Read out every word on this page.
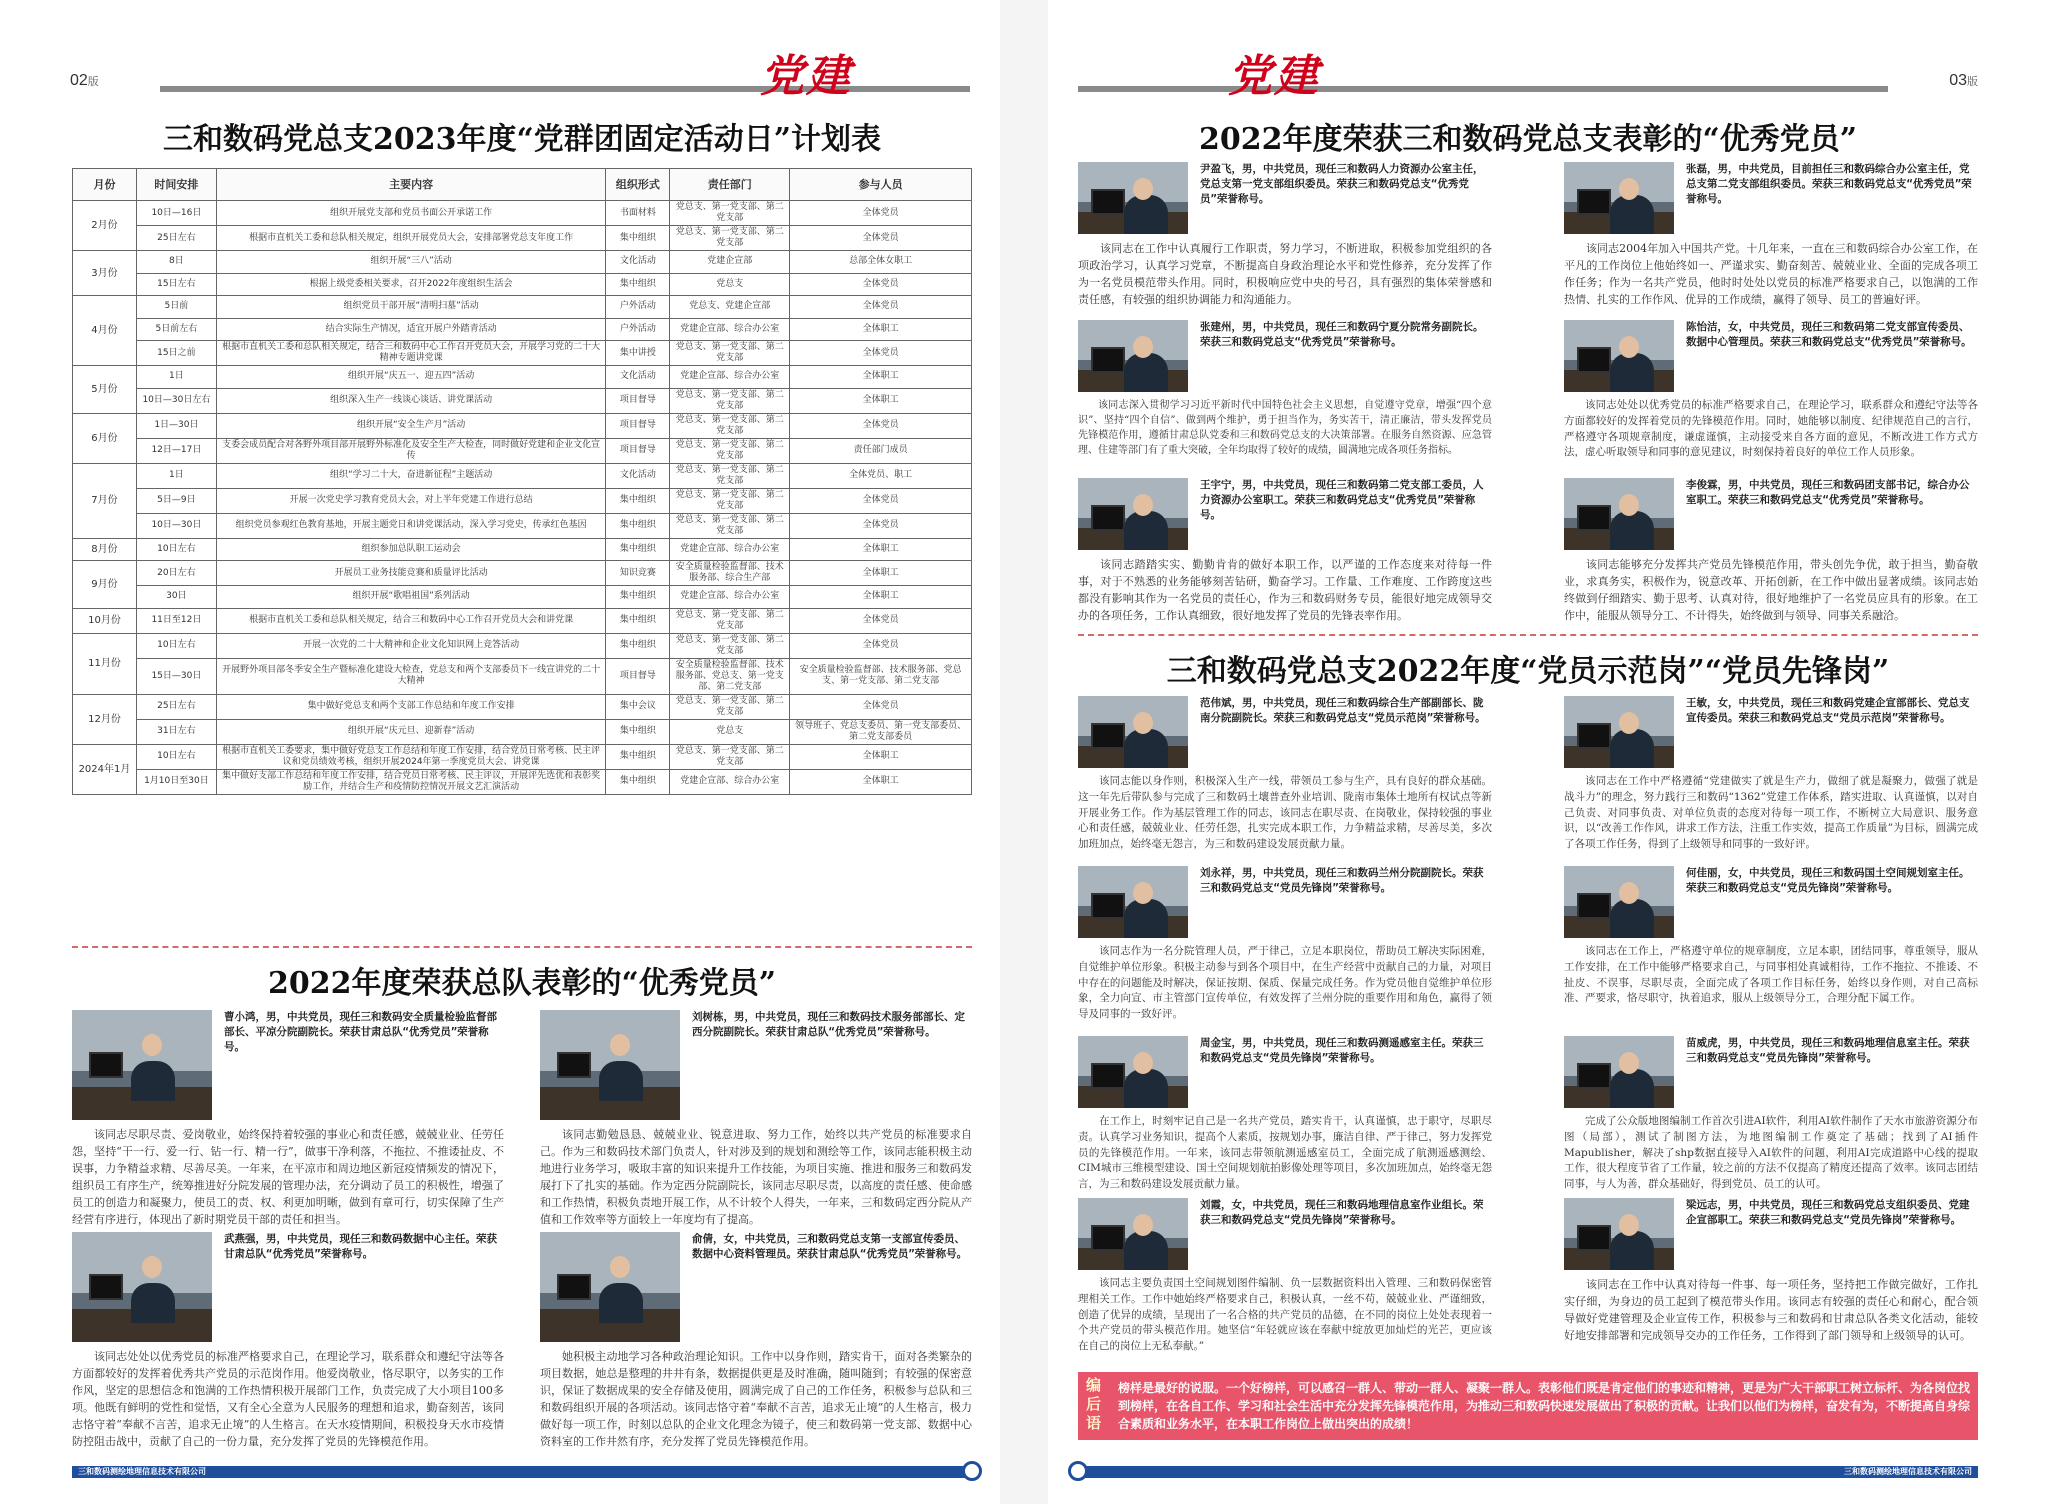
02版	党建
三和数码党总支2023年度“党群团固定活动日”计划表
月份	时间安排	主要内容	组织形式	责任部门	参与人员
2月份	10日—16日	组织开展党支部和党员书面公开承诺工作	书面材料	党总支、第一党支部、第二党支部	全体党员
	25日左右	根据市直机关工委和总队相关规定，组织开展党员大会，安排部署党总支年度工作	集中组织	党总支、第一党支部、第二党支部	全体党员
3月份	8日	组织开展“三八”活动	文化活动	党建企宣部	总部全体女职工
	15日左右	根据上级党委相关要求，召开2022年度组织生活会	集中组织	党总支	全体党员
4月份	5日前	组织党员干部开展“清明扫墓”活动	户外活动	党总支、党建企宣部	全体党员
	5日前左右	结合实际生产情况，适宜开展户外踏青活动	户外活动	党建企宣部、综合办公室	全体职工
	15日之前	根据市直机关工委和总队相关规定，结合三和数码中心工作召开党员大会，开展学习党的二十大精神专题讲党课	集中讲授	党总支、第一党支部、第二党支部	全体党员
5月份	1日	组织开展“庆五一、迎五四”活动	文化活动	党建企宣部、综合办公室	全体职工
	10日—30日左右	组织深入生产一线谈心谈话、讲党课活动	项目督导	党总支、第一党支部、第二党支部	全体职工
6月份	1日—30日	组织开展“安全生产月”活动	项目督导	党总支、第一党支部、第二党支部	全体党员
	12日—17日	支委会成员配合对各野外项目部开展野外标准化及安全生产大检查，同时做好党建和企业文化宣传	项目督导	党总支、第一党支部、第二党支部	责任部门成员
7月份	1日	组织“学习二十大，奋进新征程”主题活动	文化活动	党总支、第一党支部、第二党支部	全体党员、职工
	5日—9日	开展一次党史学习教育党员大会，对上半年党建工作进行总结	集中组织	党总支、第一党支部、第二党支部	全体党员
	10日—30日	组织党员参观红色教育基地，开展主题党日和讲党课活动，深入学习党史，传承红色基因	集中组织	党总支、第一党支部、第二党支部	全体党员
8月份	10日左右	组织参加总队职工运动会	集中组织	党建企宣部、综合办公室	全体职工
9月份	20日左右	开展员工业务技能竞赛和质量评比活动	知识竞赛	安全质量检验监督部、技术服务部、综合生产部	全体职工
	30日	组织开展“歌唱祖国”系列活动	集中组织	党建企宣部、综合办公室	全体职工
10月份	11日至12日	根据市直机关工委和总队相关规定，结合三和数码中心工作召开党员大会和讲党课	集中组织	党总支、第一党支部、第二党支部	全体党员
11月份	10日左右	开展一次党的二十大精神和企业文化知识网上竞答活动	集中组织	党总支、第一党支部、第二党支部	全体党员
	15日—30日	开展野外项目部冬季安全生产暨标准化建设大检查，党总支和两个支部委员下一线宣讲党的二十大精神	项目督导	安全质量检验监督部、技术服务部、党总支、第一党支部、第二党支部	安全质量检验监督部、技术服务部、党总支、第一党支部、第二党支部
12月份	25日左右	集中做好党总支和两个支部工作总结和年度工作安排	集中会议	党总支、第一党支部、第二党支部	全体党员
	31日左右	组织开展“庆元旦、迎新春”活动	集中组织	党总支	领导班子、党总支委员、第一党支部委员、第二党支部委员
2024年1月	10日左右	根据市直机关工委要求，集中做好党总支工作总结和年度工作安排，结合党员日常考核、民主评议和党员绩效考核，组织开展2024年第一季度党员大会、讲党课	集中组织	党总支、第一党支部、第二党支部	全体职工
	1月10日至30日	集中做好支部工作总结和年度工作安排，结合党员日常考核、民主评议，开展评先选优和表彰奖励工作，并结合生产和疫情防控情况开展文艺汇演活动	集中组织	党建企宣部、综合办公室	全体职工
2022年度荣获总队表彰的“优秀党员”
曹小鸿，男，中共党员，现任三和数码安全质量检验监督部部长、平凉分院副院长。荣获甘肃总队“优秀党员”荣誉称号。
该同志尽职尽责、爱岗敬业，始终保持着较强的事业心和责任感，兢兢业业、任劳任怨，坚持“干一行、爱一行、钻一行、精一行”，做事干净利落，不拖拉、不推诿扯皮、不误事，力争精益求精、尽善尽美。一年来，在平凉市和周边地区新冠疫情频发的情况下，组织员工有序生产，统筹推进好分院发展的管理办法，充分调动了员工的积极性，增强了员工的创造力和凝聚力，使员工的责、权、利更加明晰，做到有章可行，切实保障了生产经营有序进行，体现出了新时期党员干部的责任和担当。
刘树栋，男，中共党员，现任三和数码技术服务部部长、定西分院副院长。荣获甘肃总队“优秀党员”荣誉称号。
该同志勤勉恳恳、兢兢业业、锐意进取、努力工作，始终以共产党员的标准要求自己。作为三和数码技术部门负责人，针对涉及到的规划和测绘等工作，该同志能积极主动地进行业务学习，吸取丰富的知识来提升工作技能，为项目实施、推进和服务三和数码发展打下了扎实的基础。作为定西分院副院长，该同志尽职尽责，以高度的责任感、使命感和工作热情，积极负责地开展工作，从不计较个人得失，一年来，三和数码定西分院从产值和工作效率等方面较上一年度均有了提高。
武燕强，男，中共党员，现任三和数码数据中心主任。荣获甘肃总队“优秀党员”荣誉称号。
该同志处处以优秀党员的标准严格要求自己，在理论学习，联系群众和遵纪守法等各方面都较好的发挥着优秀共产党员的示范岗作用。他爱岗敬业，恪尽职守，以务实的工作作风，坚定的思想信念和饱满的工作热情积极开展部门工作，负责完成了大小项目100多项。他既有鲜明的党性和觉悟，又有全心全意为人民服务的理想和追求，勤奋刻苦，该同志恪守着“奉献不言苦，追求无止境”的人生格言。在天水疫情期间，积极投身天水市疫情防控阻击战中，贡献了自己的一份力量，充分发挥了党员的先锋模范作用。
俞倩，女，中共党员，三和数码党总支第一支部宣传委员、数据中心资料管理员。荣获甘肃总队“优秀党员”荣誉称号。
她积极主动地学习各种政治理论知识。工作中以身作则，踏实肯干，面对各类繁杂的项目数据，她总是整理的井井有条，数据提供更是及时准确，随叫随到；有较强的保密意识，保证了数据成果的安全存储及使用，圆满完成了自己的工作任务，积极参与总队和三和数码组织开展的各项活动。该同志恪守着“奉献不言苦，追求无止境”的人生格言，极力做好每一项工作，时刻以总队的企业文化理念为镜子，使三和数码第一党支部、数据中心资料室的工作井然有序，充分发挥了党员先锋模范作用。
三和数码测绘地理信息技术有限公司
03版
党建
2022年度荣获三和数码党总支表彰的“优秀党员”
三和数码党总支2022年度“党员示范岗”“党员先锋岗”
尹盈飞，男，中共党员，现任三和数码人力资源办公室主任，党总支第一党支部组织委员。荣获三和数码党总支“优秀党员”荣誉称号。
该同志在工作中认真履行工作职责，努力学习，不断进取，积极参加党组织的各项政治学习，认真学习党章，不断提高自身政治理论水平和党性修养，充分发挥了作为一名党员模范带头作用。同时，积极响应党中央的号召，具有强烈的集体荣誉感和责任感，有较强的组织协调能力和沟通能力。
张磊，男，中共党员，目前担任三和数码综合办公室主任，党总支第二党支部组织委员。荣获三和数码党总支“优秀党员”荣誉称号。
该同志2004年加入中国共产党。十几年来，一直在三和数码综合办公室工作，在平凡的工作岗位上他始终如一、严谨求实、勤奋刻苦、兢兢业业、全面的完成各项工作任务；作为一名共产党员，他时时处处以党员的标准严格要求自己，以饱满的工作热情、扎实的工作作风、优异的工作成绩，赢得了领导、员工的普遍好评。
张建州，男，中共党员，现任三和数码宁夏分院常务副院长。荣获三和数码党总支“优秀党员”荣誉称号。
该同志深入贯彻学习习近平新时代中国特色社会主义思想，自觉遵守党章，增强“四个意识”、坚持“四个自信”、做到两个维护，勇于担当作为，务实苦干，清正廉洁，带头发挥党员先锋模范作用，遵循甘肃总队党委和三和数码党总支的大决策部署。在服务自然资源、应急管理、住建等部门有了重大突破，全年均取得了较好的成绩，圆满地完成各项任务指标。
陈怡洁，女，中共党员，现任三和数码第二党支部宣传委员、数据中心管理员。荣获三和数码党总支“优秀党员”荣誉称号。
该同志处处以优秀党员的标准严格要求自己，在理论学习，联系群众和遵纪守法等各方面都较好的发挥着党员的先锋模范作用。同时，她能够以制度、纪律规范自己的言行，严格遵守各项规章制度，谦虚谨慎，主动接受来自各方面的意见，不断改进工作方式方法，虚心听取领导和同事的意见建议，时刻保持着良好的单位工作人员形象。
王宇宁，男，中共党员，现任三和数码第二党支部工委员，人力资源办公室职工。荣获三和数码党总支“优秀党员”荣誉称号。
该同志踏踏实实、勤勤肯肯的做好本职工作，以严谨的工作态度来对待每一件事，对于不熟悉的业务能够刻苦钻研，勤奋学习。工作量、工作难度、工作跨度这些都没有影响其作为一名党员的责任心，作为三和数码财务专员，能很好地完成领导交办的各项任务，工作认真细致，很好地发挥了党员的先锋表率作用。
李俊霖，男，中共党员，现任三和数码团支部书记，综合办公室职工。荣获三和数码党总支“优秀党员”荣誉称号。
该同志能够充分发挥共产党员先锋模范作用，带头创先争优，敢于担当，勤奋敬业，求真务实，积极作为，锐意改革、开拓创新，在工作中做出显著成绩。该同志始终做到仔细踏实、勤于思考、认真对待，很好地维护了一名党员应具有的形象。在工作中，能服从领导分工、不计得失，始终做到与领导、同事关系融洽。
范伟斌，男，中共党员，现任三和数码综合生产部副部长、陇南分院副院长。荣获三和数码党总支“党员示范岗”荣誉称号。
该同志能以身作则，积极深入生产一线，带领员工参与生产，具有良好的群众基础。这一年先后带队参与完成了三和数码土壤普查外业培训、陇南市集体土地所有权试点等新开展业务工作。作为基层管理工作的同志，该同志在职尽责、在岗敬业，保持较强的事业心和责任感，兢兢业业、任劳任怨，扎实完成本职工作，力争精益求精，尽善尽美，多次加班加点，始终毫无怨言，为三和数码建设发展贡献力量。
王敏，女，中共党员，现任三和数码党建企宣部部长、党总支宣传委员。荣获三和数码党总支“党员示范岗”荣誉称号。
该同志在工作中严格遵循“党建做实了就是生产力，做细了就是凝聚力，做强了就是战斗力”的理念，努力践行三和数码“1362”党建工作体系，踏实进取、认真谨慎，以对自己负责、对同事负责、对单位负责的态度对待每一项工作，不断树立大局意识、服务意识，以“改善工作作风，讲求工作方法，注重工作实效，提高工作质量”为目标，圆满完成了各项工作任务，得到了上级领导和同事的一致好评。
刘永祥，男，中共党员，现任三和数码兰州分院副院长。荣获三和数码党总支“党员先锋岗”荣誉称号。
该同志作为一名分院管理人员，严于律己，立足本职岗位，帮助员工解决实际困难，自觉维护单位形象。积极主动参与到各个项目中，在生产经营中贡献自己的力量，对项目中存在的问题能及时解决，保证按期、保质、保量完成任务。作为党员他自觉维护单位形象，全力向宣、市主管部门宣传单位，有效发挥了兰州分院的重要作用和角色，赢得了领导及同事的一致好评。
何佳丽，女，中共党员，现任三和数码国土空间规划室主任。荣获三和数码党总支“党员先锋岗”荣誉称号。
该同志在工作上，严格遵守单位的规章制度，立足本职，团结同事，尊重领导，服从工作安排，在工作中能够严格要求自己，与同事相处真诚相待，工作不拖拉、不推诿、不扯皮、不误事，尽职尽责，全面完成了各项工作目标任务，始终以身作则，对自己高标准、严要求，恪尽职守，执着追求，服从上级领导分工，合理分配下属工作。
周金宝，男，中共党员，现任三和数码测遥感室主任。荣获三和数码党总支“党员先锋岗”荣誉称号。
在工作上，时刻牢记自己是一名共产党员，踏实肯干，认真谨慎，忠于职守，尽职尽责。认真学习业务知识，提高个人素质，按规划办事，廉洁自律、严于律己，努力发挥党员的先锋模范作用。一年来，该同志带领航测遥感室员工，全面完成了航测遥感测绘、CIM城市三维模型建设、国土空间规划航拍影像处理等项目，多次加班加点，始终毫无怨言，为三和数码建设发展贡献力量。
苗威虎，男，中共党员，现任三和数码地理信息室主任。荣获三和数码党总支“党员先锋岗”荣誉称号。
完成了公众版地图编制工作首次引进AI软件，利用AI软件制作了天水市旅游资源分布图（局部），测试了制图方法，为地图编制工作奠定了基础；找到了AI插件Mapublisher，解决了shp数据直接导入AI软件的问题，利用AI完成道路中心线的提取工作，很大程度节省了工作量，较之前的方法不仅提高了精度还提高了效率。该同志团结同事，与人为善，群众基础好，得到党员、员工的认可。
刘霞，女，中共党员，现任三和数码地理信息室作业组长。荣获三和数码党总支“党员先锋岗”荣誉称号。
该同志主要负责国土空间规划图件编制、负一层数据资料出入管理、三和数码保密管理相关工作。工作中她始终严格要求自己，积极认真，一丝不苟，兢兢业业、严谨细致，创造了优异的成绩，呈现出了一名合格的共产党员的品德，在不同的岗位上处处表现着一个共产党员的带头模范作用。她坚信“年轻就应该在奉献中绽放更加灿烂的光芒，更应该在自己的岗位上无私奉献。”
梁远志，男，中共党员，现任三和数码党总支组织委员、党建企宣部职工。荣获三和数码党总支“党员先锋岗”荣誉称号。
该同志在工作中认真对待每一件事、每一项任务，坚持把工作做完做好，工作扎实仔细，为身边的员工起到了模范带头作用。该同志有较强的责任心和耐心，配合领导做好党建管理及企业宣传工作，积极参与三和数码和甘肃总队各类文化活动，能较好地安排部署和完成领导交办的工作任务，工作得到了部门领导和上级领导的认可。
编后语
榜样是最好的说服。一个好榜样，可以感召一群人、带动一群人、凝聚一群人。表彰他们既是肯定他们的事迹和精神，更是为广大干部职工树立标杆、为各岗位找到榜样，在各自工作、学习和社会生活中充分发挥先锋模范作用，为推动三和数码快速发展做出了积极的贡献。让我们以他们为榜样，奋发有为，不断提高自身综合素质和业务水平，在本职工作岗位上做出突出的成绩！
三和数码测绘地理信息技术有限公司
